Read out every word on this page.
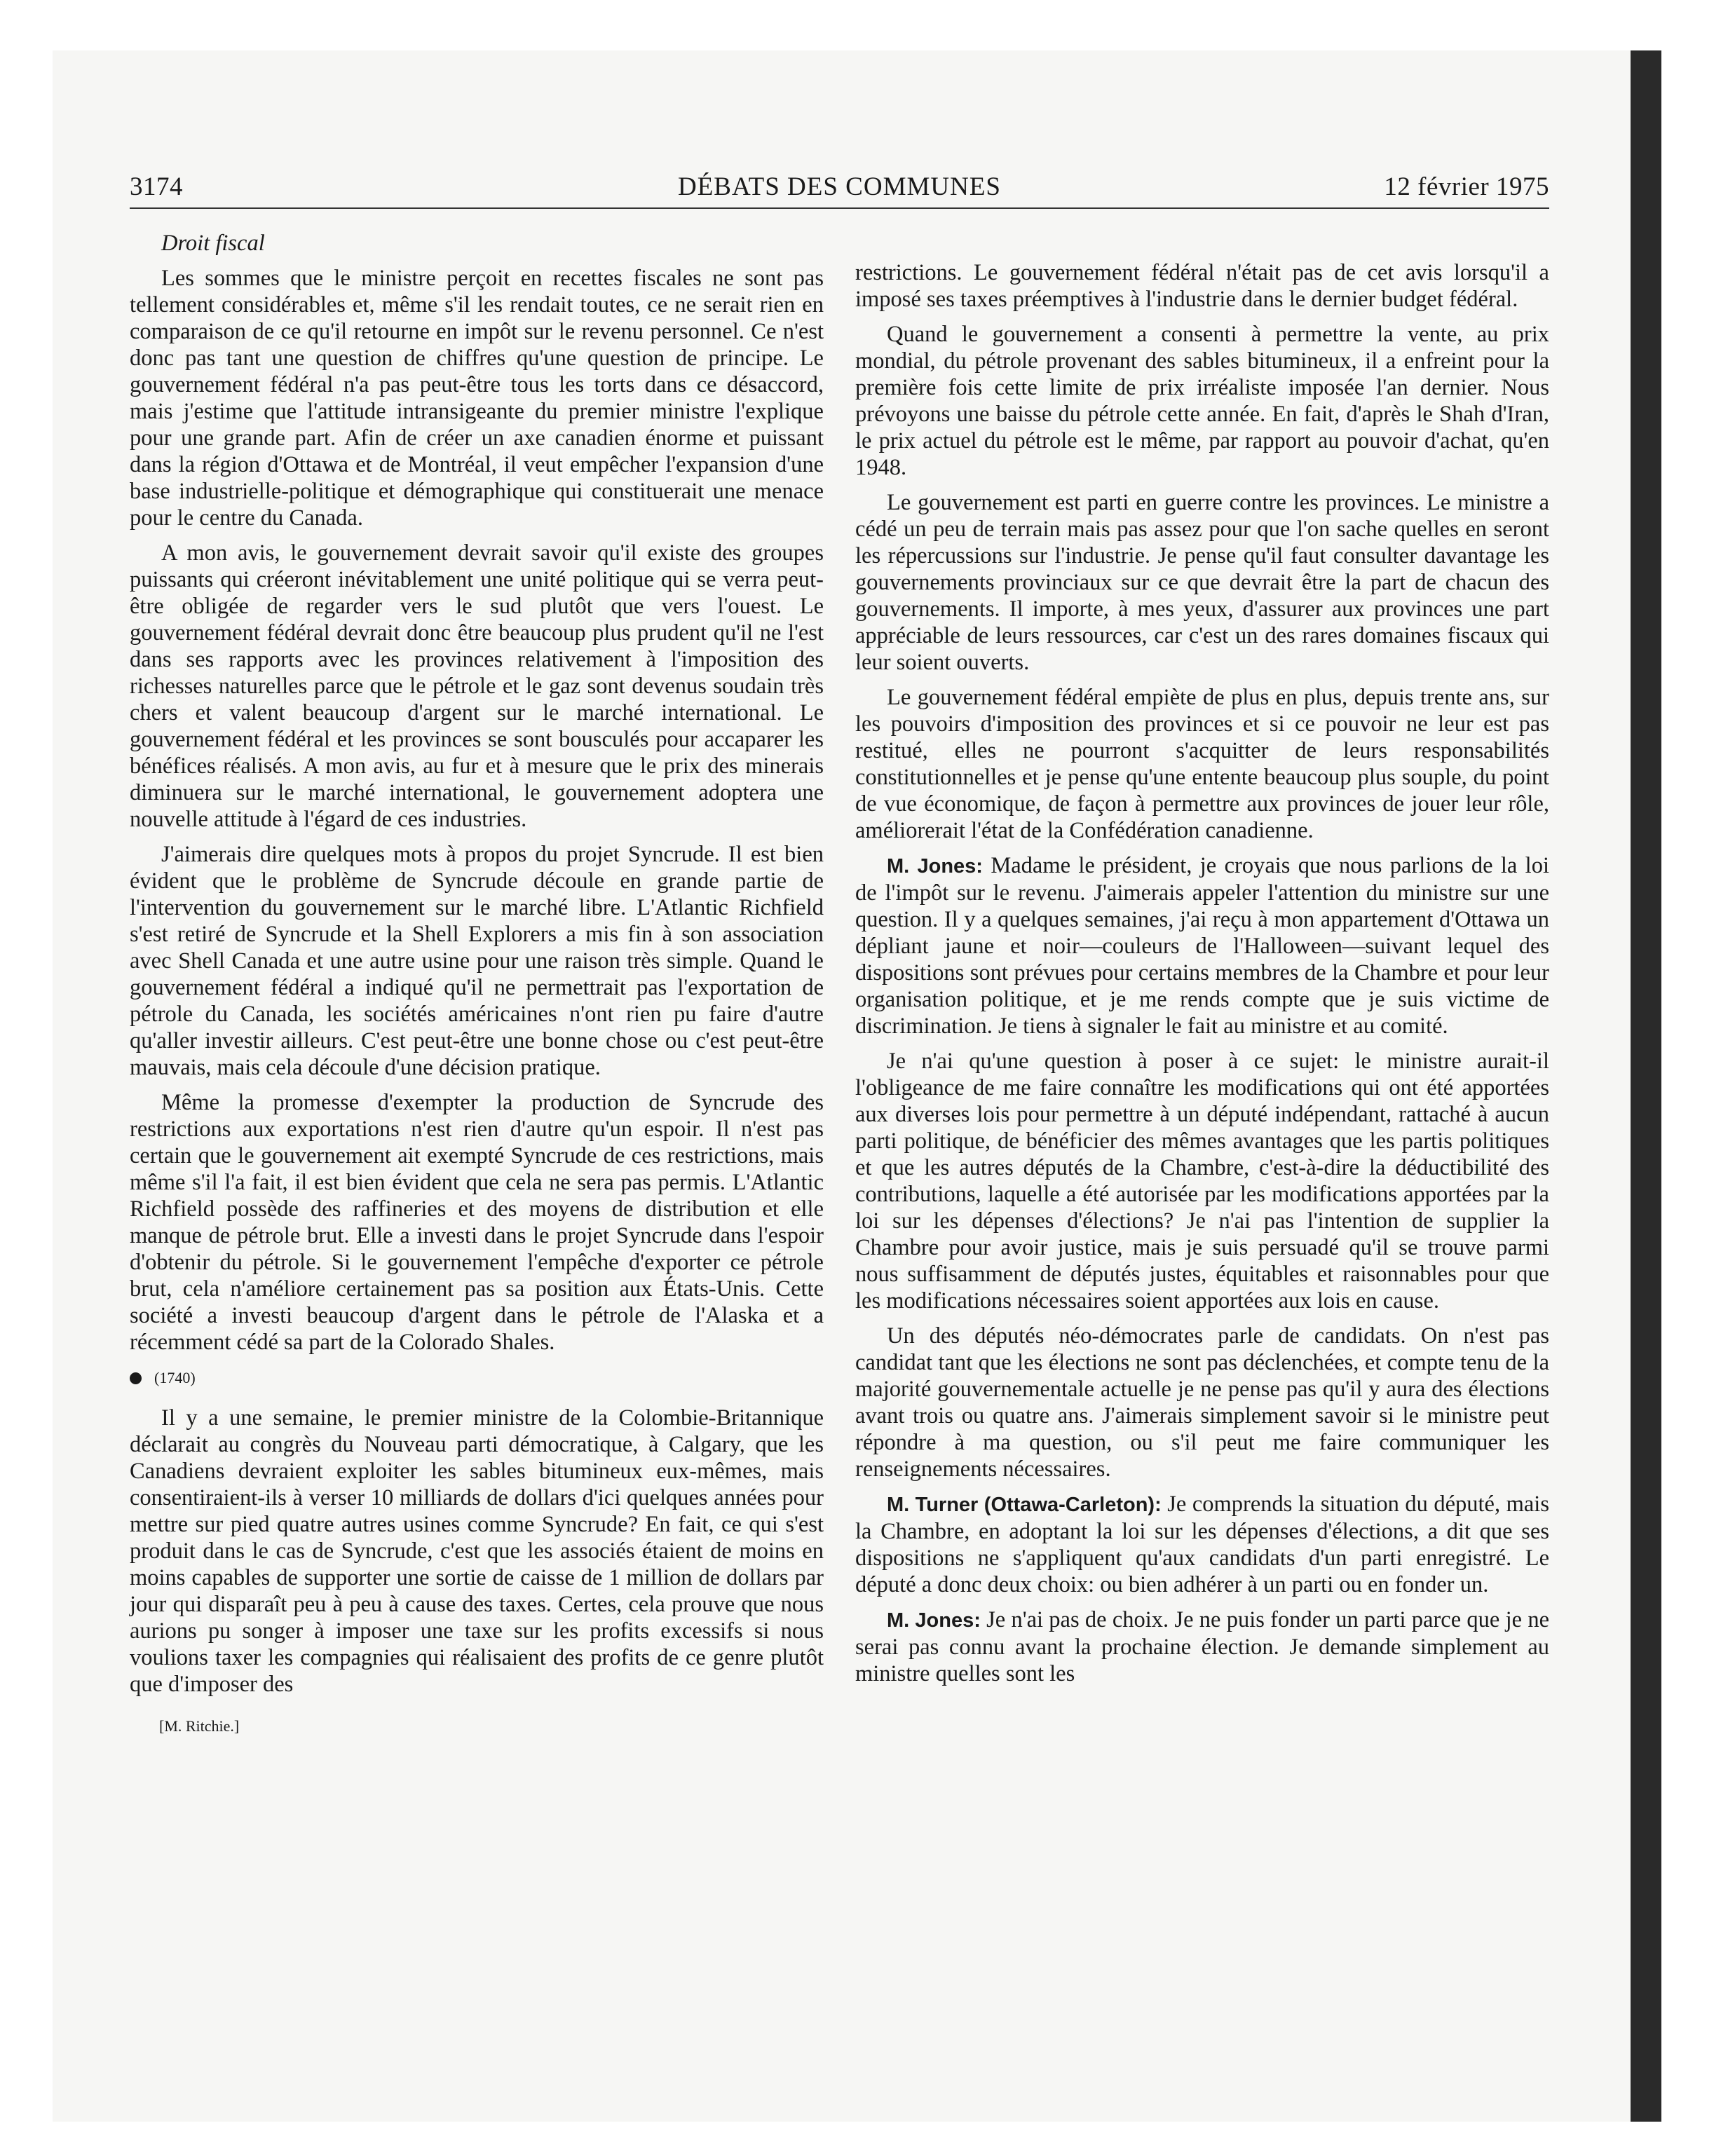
3174	DÉBATS DES COMMUNES	12 février 1975

Droit fiscal

Les sommes que le ministre perçoit en recettes fiscales ne sont pas tellement considérables et, même s'il les rendait toutes, ce ne serait rien en comparaison de ce qu'il retourne en impôt sur le revenu personnel. Ce n'est donc pas tant une question de chiffres qu'une question de principe. Le gouvernement fédéral n'a pas peut-être tous les torts dans ce désaccord, mais j'estime que l'attitude intransigeante du premier ministre l'explique pour une grande part. Afin de créer un axe canadien énorme et puissant dans la région d'Ottawa et de Montréal, il veut empêcher l'expansion d'une base industrielle-politique et démographique qui constituerait une menace pour le centre du Canada.

A mon avis, le gouvernement devrait savoir qu'il existe des groupes puissants qui créeront inévitablement une unité politique qui se verra peut-être obligée de regarder vers le sud plutôt que vers l'ouest. Le gouvernement fédéral devrait donc être beaucoup plus prudent qu'il ne l'est dans ses rapports avec les provinces relativement à l'imposition des richesses naturelles parce que le pétrole et le gaz sont devenus soudain très chers et valent beaucoup d'argent sur le marché international. Le gouvernement fédéral et les provinces se sont bousculés pour accaparer les bénéfices réalisés. A mon avis, au fur et à mesure que le prix des minerais diminuera sur le marché international, le gouvernement adoptera une nouvelle attitude à l'égard de ces industries.

J'aimerais dire quelques mots à propos du projet Syncrude. Il est bien évident que le problème de Syncrude découle en grande partie de l'intervention du gouvernement sur le marché libre. L'Atlantic Richfield s'est retiré de Syncrude et la Shell Explorers a mis fin à son association avec Shell Canada et une autre usine pour une raison très simple. Quand le gouvernement fédéral a indiqué qu'il ne permettrait pas l'exportation de pétrole du Canada, les sociétés américaines n'ont rien pu faire d'autre qu'aller investir ailleurs. C'est peut-être une bonne chose ou c'est peut-être mauvais, mais cela découle d'une décision pratique.

Même la promesse d'exempter la production de Syncrude des restrictions aux exportations n'est rien d'autre qu'un espoir. Il n'est pas certain que le gouvernement ait exempté Syncrude de ces restrictions, mais même s'il l'a fait, il est bien évident que cela ne sera pas permis. L'Atlantic Richfield possède des raffineries et des moyens de distribution et elle manque de pétrole brut. Elle a investi dans le projet Syncrude dans l'espoir d'obtenir du pétrole. Si le gouvernement l'empêche d'exporter ce pétrole brut, cela n'améliore certainement pas sa position aux États-Unis. Cette société a investi beaucoup d'argent dans le pétrole de l'Alaska et a récemment cédé sa part de la Colorado Shales.

(1740)

Il y a une semaine, le premier ministre de la Colombie-Britannique déclarait au congrès du Nouveau parti démocratique, à Calgary, que les Canadiens devraient exploiter les sables bitumineux eux-mêmes, mais consentiraient-ils à verser 10 milliards de dollars d'ici quelques années pour mettre sur pied quatre autres usines comme Syncrude? En fait, ce qui s'est produit dans le cas de Syncrude, c'est que les associés étaient de moins en moins capables de supporter une sortie de caisse de 1 million de dollars par jour qui disparaît peu à peu à cause des taxes. Certes, cela prouve que nous aurions pu songer à imposer une taxe sur les profits excessifs si nous voulions taxer les compagnies qui réalisaient des profits de ce genre plutôt que d'imposer des

[M. Ritchie.]

restrictions. Le gouvernement fédéral n'était pas de cet avis lorsqu'il a imposé ses taxes préemptives à l'industrie dans le dernier budget fédéral.

Quand le gouvernement a consenti à permettre la vente, au prix mondial, du pétrole provenant des sables bitumineux, il a enfreint pour la première fois cette limite de prix irréaliste imposée l'an dernier. Nous prévoyons une baisse du pétrole cette année. En fait, d'après le Shah d'Iran, le prix actuel du pétrole est le même, par rapport au pouvoir d'achat, qu'en 1948.

Le gouvernement est parti en guerre contre les provinces. Le ministre a cédé un peu de terrain mais pas assez pour que l'on sache quelles en seront les répercussions sur l'industrie. Je pense qu'il faut consulter davantage les gouvernements provinciaux sur ce que devrait être la part de chacun des gouvernements. Il importe, à mes yeux, d'assurer aux provinces une part appréciable de leurs ressources, car c'est un des rares domaines fiscaux qui leur soient ouverts.

Le gouvernement fédéral empiète de plus en plus, depuis trente ans, sur les pouvoirs d'imposition des provinces et si ce pouvoir ne leur est pas restitué, elles ne pourront s'acquitter de leurs responsabilités constitutionnelles et je pense qu'une entente beaucoup plus souple, du point de vue économique, de façon à permettre aux provinces de jouer leur rôle, améliorerait l'état de la Confédération canadienne.

M. Jones: Madame le président, je croyais que nous parlions de la loi de l'impôt sur le revenu. J'aimerais appeler l'attention du ministre sur une question. Il y a quelques semaines, j'ai reçu à mon appartement d'Ottawa un dépliant jaune et noir—couleurs de l'Halloween—suivant lequel des dispositions sont prévues pour certains membres de la Chambre et pour leur organisation politique, et je me rends compte que je suis victime de discrimination. Je tiens à signaler le fait au ministre et au comité.

Je n'ai qu'une question à poser à ce sujet: le ministre aurait-il l'obligeance de me faire connaître les modifications qui ont été apportées aux diverses lois pour permettre à un député indépendant, rattaché à aucun parti politique, de bénéficier des mêmes avantages que les partis politiques et que les autres députés de la Chambre, c'est-à-dire la déductibilité des contributions, laquelle a été autorisée par les modifications apportées par la loi sur les dépenses d'élections? Je n'ai pas l'intention de supplier la Chambre pour avoir justice, mais je suis persuadé qu'il se trouve parmi nous suffisamment de députés justes, équitables et raisonnables pour que les modifications nécessaires soient apportées aux lois en cause.

Un des députés néo-démocrates parle de candidats. On n'est pas candidat tant que les élections ne sont pas déclenchées, et compte tenu de la majorité gouvernementale actuelle je ne pense pas qu'il y aura des élections avant trois ou quatre ans. J'aimerais simplement savoir si le ministre peut répondre à ma question, ou s'il peut me faire communiquer les renseignements nécessaires.

M. Turner (Ottawa-Carleton): Je comprends la situation du député, mais la Chambre, en adoptant la loi sur les dépenses d'élections, a dit que ses dispositions ne s'appliquent qu'aux candidats d'un parti enregistré. Le député a donc deux choix: ou bien adhérer à un parti ou en fonder un.

M. Jones: Je n'ai pas de choix. Je ne puis fonder un parti parce que je ne serai pas connu avant la prochaine élection. Je demande simplement au ministre quelles sont les
